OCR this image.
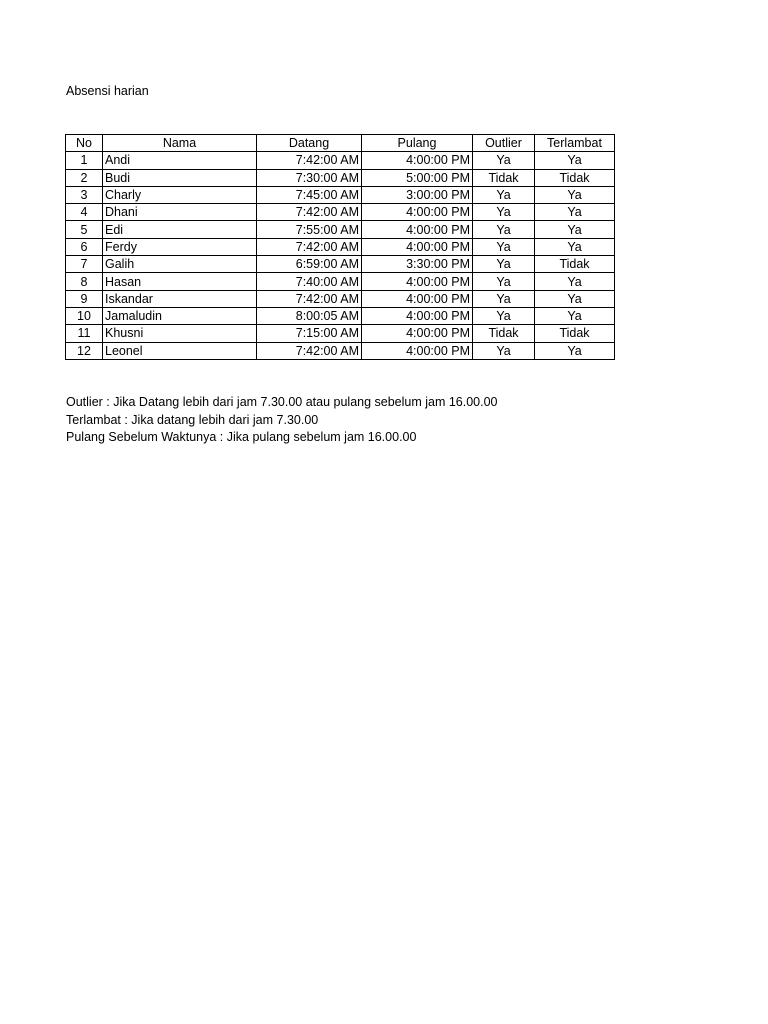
Absensi harian
No	Nama	Datang	Pulang	Outlier	Terlambat
1	Andi	7:42:00 AM	4:00:00 PM	Ya	Ya
2	Budi	7:30:00 AM	5:00:00 PM	Tidak	Tidak
3	Charly	7:45:00 AM	3:00:00 PM	Ya	Ya
4	Dhani	7:42:00 AM	4:00:00 PM	Ya	Ya
5	Edi	7:55:00 AM	4:00:00 PM	Ya	Ya
6	Ferdy	7:42:00 AM	4:00:00 PM	Ya	Ya
7	Galih	6:59:00 AM	3:30:00 PM	Ya	Tidak
8	Hasan	7:40:00 AM	4:00:00 PM	Ya	Ya
9	Iskandar	7:42:00 AM	4:00:00 PM	Ya	Ya
10	Jamaludin	8:00:05 AM	4:00:00 PM	Ya	Ya
11	Khusni	7:15:00 AM	4:00:00 PM	Tidak	Tidak
12	Leonel	7:42:00 AM	4:00:00 PM	Ya	Ya
Outlier : Jika Datang lebih dari jam 7.30.00 atau pulang sebelum jam 16.00.00
Terlambat : Jika datang lebih dari jam 7.30.00
Pulang Sebelum Waktunya : Jika pulang sebelum jam 16.00.00
